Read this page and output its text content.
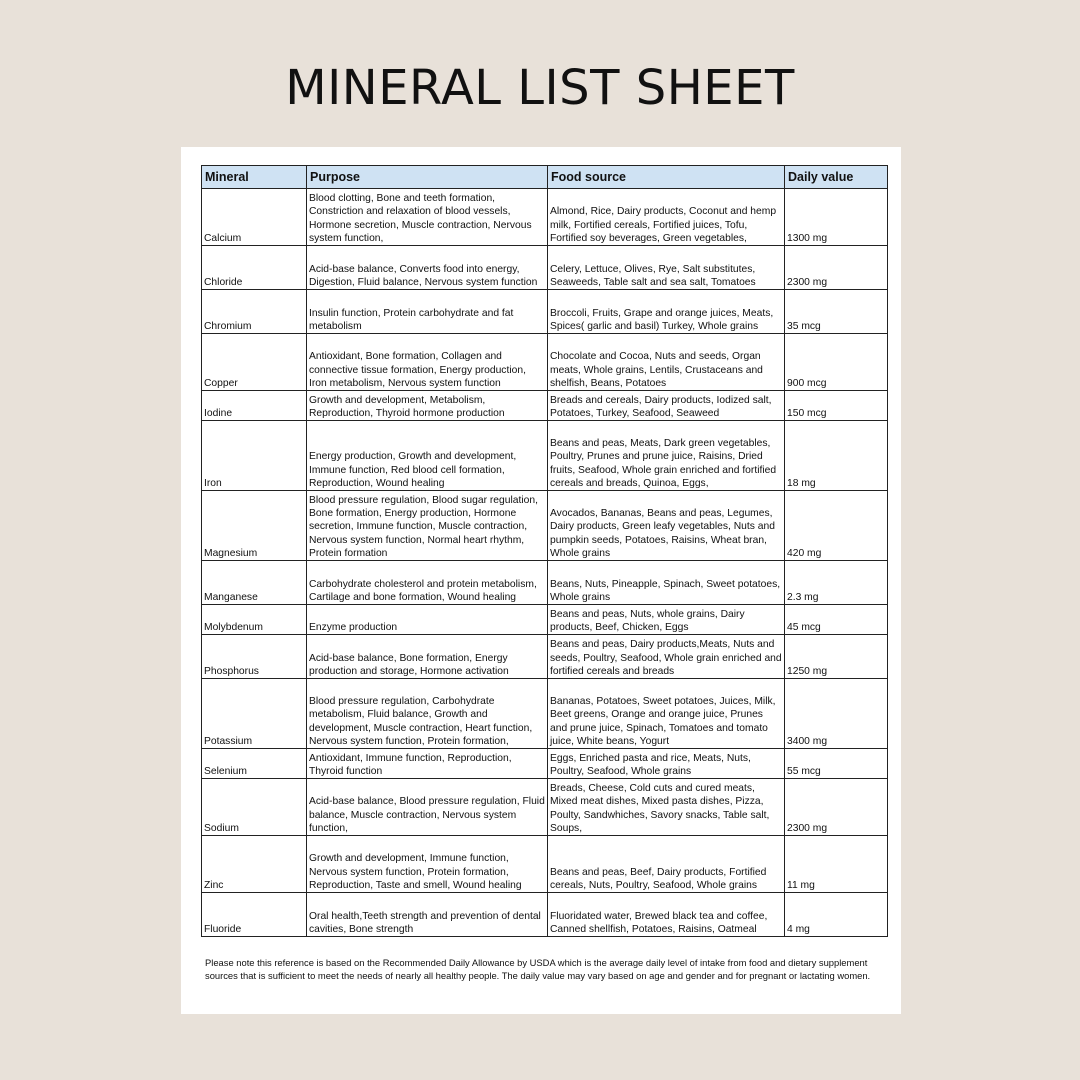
MINERAL LIST SHEET
Mineral	Purpose	Food source	Daily value
Calcium	Blood clotting, Bone and teeth formation, Constriction and relaxation of blood vessels, Hormone secretion, Muscle contraction, Nervous system function,	Almond, Rice, Dairy products, Coconut and hemp milk, Fortified cereals, Fortified juices, Tofu, Fortified soy beverages, Green vegetables,	1300 mg
Chloride	Acid-base balance, Converts food into energy, Digestion, Fluid balance, Nervous system function	Celery, Lettuce, Olives, Rye, Salt substitutes, Seaweeds, Table salt and sea salt, Tomatoes	2300 mg
Chromium	Insulin function, Protein carbohydrate and fat metabolism	Broccoli, Fruits, Grape and orange juices, Meats, Spices( garlic and basil) Turkey, Whole grains	35 mcg
Copper	Antioxidant, Bone formation, Collagen and connective tissue formation, Energy production, Iron metabolism, Nervous system function	Chocolate and Cocoa, Nuts and seeds, Organ meats, Whole grains, Lentils, Crustaceans and shelfish, Beans, Potatoes	900 mcg
Iodine	Growth and development, Metabolism, Reproduction, Thyroid hormone production	Breads and cereals, Dairy products, Iodized salt, Potatoes, Turkey, Seafood, Seaweed	150 mcg
Iron	Energy production, Growth and development, Immune function, Red blood cell formation, Reproduction, Wound healing	Beans and peas, Meats, Dark green vegetables, Poultry, Prunes and prune juice, Raisins, Dried fruits, Seafood, Whole grain enriched and fortified cereals and breads, Quinoa, Eggs,	18 mg
Magnesium	Blood pressure regulation, Blood sugar regulation, Bone formation, Energy production, Hormone secretion, Immune function, Muscle contraction, Nervous system function, Normal heart rhythm, Protein formation	Avocados, Bananas, Beans and peas, Legumes, Dairy products, Green leafy vegetables, Nuts and pumpkin seeds, Potatoes, Raisins, Wheat bran, Whole grains	420 mg
Manganese	Carbohydrate cholesterol and protein metabolism, Cartilage and bone formation, Wound healing	Beans, Nuts, Pineapple, Spinach, Sweet potatoes, Whole grains	2.3 mg
Molybdenum	Enzyme production	Beans and peas, Nuts, whole grains, Dairy products, Beef, Chicken, Eggs	45 mcg
Phosphorus	Acid-base balance, Bone formation, Energy production and storage, Hormone activation	Beans and peas, Dairy products,Meats, Nuts and seeds, Poultry, Seafood, Whole grain enriched and fortified cereals and breads	1250 mg
Potassium	Blood pressure regulation, Carbohydrate metabolism, Fluid balance, Growth and development, Muscle contraction, Heart function, Nervous system function, Protein formation,	Bananas, Potatoes, Sweet potatoes, Juices, Milk, Beet greens, Orange and orange juice, Prunes and prune juice, Spinach, Tomatoes and tomato juice, White beans, Yogurt	3400 mg
Selenium	Antioxidant, Immune function, Reproduction, Thyroid function	Eggs, Enriched pasta and rice, Meats, Nuts, Poultry, Seafood, Whole grains	55 mcg
Sodium	Acid-base balance, Blood pressure regulation, Fluid balance, Muscle contraction, Nervous system function,	Breads, Cheese, Cold cuts and cured meats, Mixed meat dishes, Mixed pasta dishes, Pizza, Poulty, Sandwhiches, Savory snacks, Table salt, Soups,	2300 mg
Zinc	Growth and development, Immune function, Nervous system function, Protein formation, Reproduction, Taste and smell, Wound healing	Beans and peas, Beef, Dairy products, Fortified cereals, Nuts, Poultry, Seafood, Whole grains	11 mg
Fluoride	Oral health,Teeth strength and prevention of dental cavities, Bone strength	Fluoridated water, Brewed black tea and coffee, Canned shellfish, Potatoes, Raisins, Oatmeal	4 mg
Please note this reference is based on the Recommended Daily Allowance by USDA which is the average daily level of intake from food and dietary supplement sources that is sufficient to meet the needs of nearly all healthy people. The daily value may vary based on age and gender and for pregnant or lactating women.
